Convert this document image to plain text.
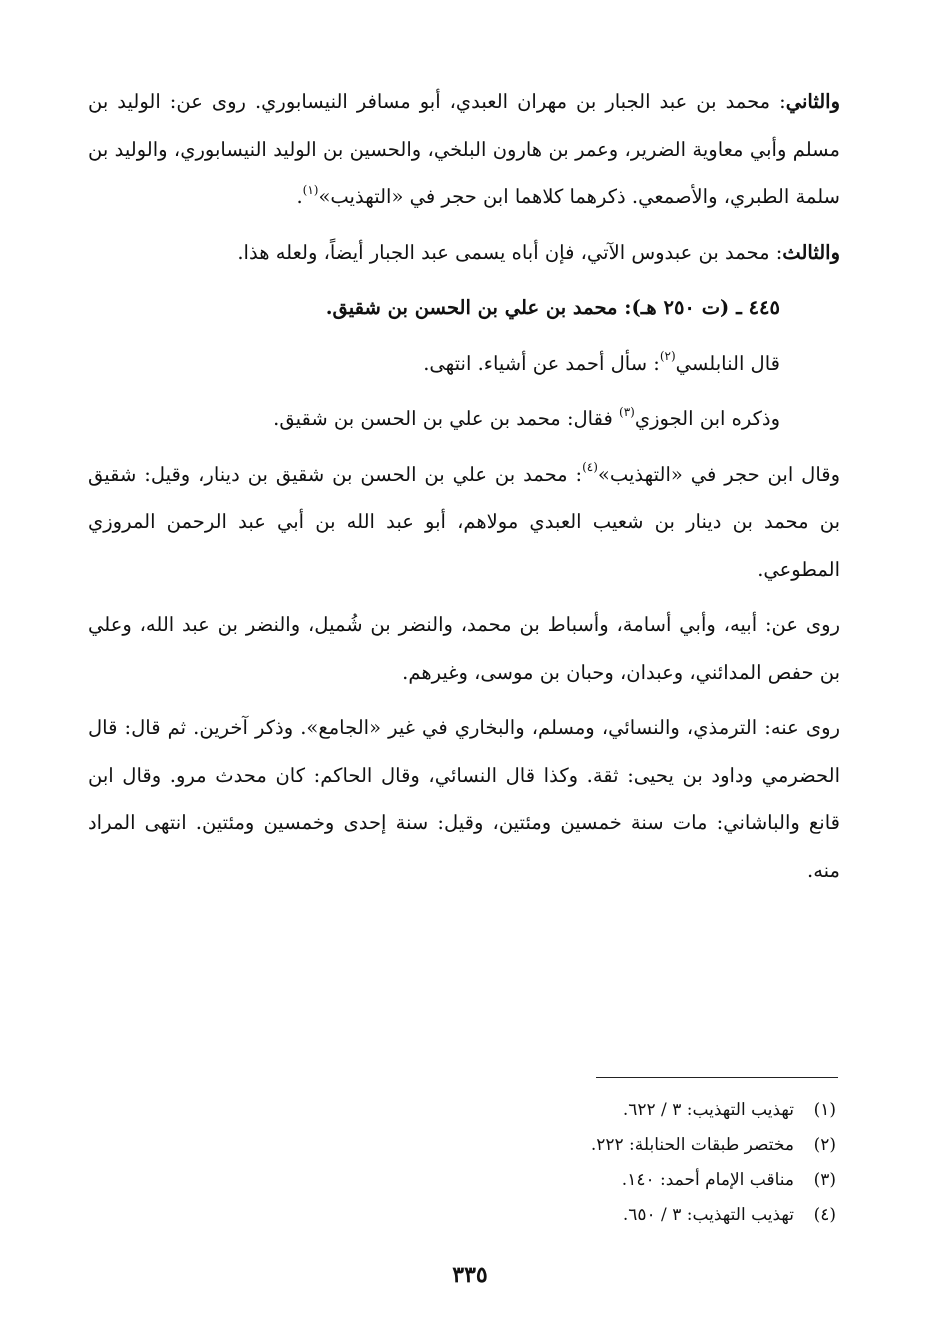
والثاني: محمد بن عبد الجبار بن مهران العبدي، أبو مسافر النيسابوري. روى عن: الوليد بن مسلم وأبي معاوية الضرير، وعمر بن هارون البلخي، والحسين بن الوليد النيسابوري، والوليد بن سلمة الطبري، والأصمعي. ذكرهما كلاهما ابن حجر في «التهذيب»$^{(١)}$.

والثالث: محمد بن عبدوس الآتي، فإن أباه يسمى عبد الجبار أيضاً، ولعله هذا.

٤٤٥ ـ (ت ٢٥٠ هـ): محمد بن علي بن الحسن بن شقيق.

قال النابلسي$^{(٢)}$: سأل أحمد عن أشياء. انتهى.

وذكره ابن الجوزي$^{(٣)}$ فقال: محمد بن علي بن الحسن بن شقيق.

وقال ابن حجر في «التهذيب»$^{(٤)}$: محمد بن علي بن الحسن بن شقيق بن دينار، وقيل: شقيق بن محمد بن دينار بن شعيب العبدي مولاهم، أبو عبد الله بن أبي عبد الرحمن المروزي المطوعي.

روى عن: أبيه، وأبي أسامة، وأسباط بن محمد، والنضر بن شُميل، والنضر بن عبد الله، وعلي بن حفص المدائني، وعبدان، وحبان بن موسى، وغيرهم.

روى عنه: الترمذي، والنسائي، ومسلم، والبخاري في غير «الجامع». وذكر آخرين. ثم قال: قال الحضرمي وداود بن يحيى: ثقة. وكذا قال النسائي، وقال الحاكم: كان محدث مرو. وقال ابن قانع والباشاني: مات سنة خمسين ومئتين، وقيل: سنة إحدى وخمسين ومئتين. انتهى المراد منه.

(١)
تهذيب التهذيب: ٣ / ٦٢٢.
(٢)
مختصر طبقات الحنابلة: ٢٢٢.
(٣)
مناقب الإمام أحمد: ١٤٠.
(٤)
تهذيب التهذيب: ٣ / ٦٥٠.
٣٣٥
